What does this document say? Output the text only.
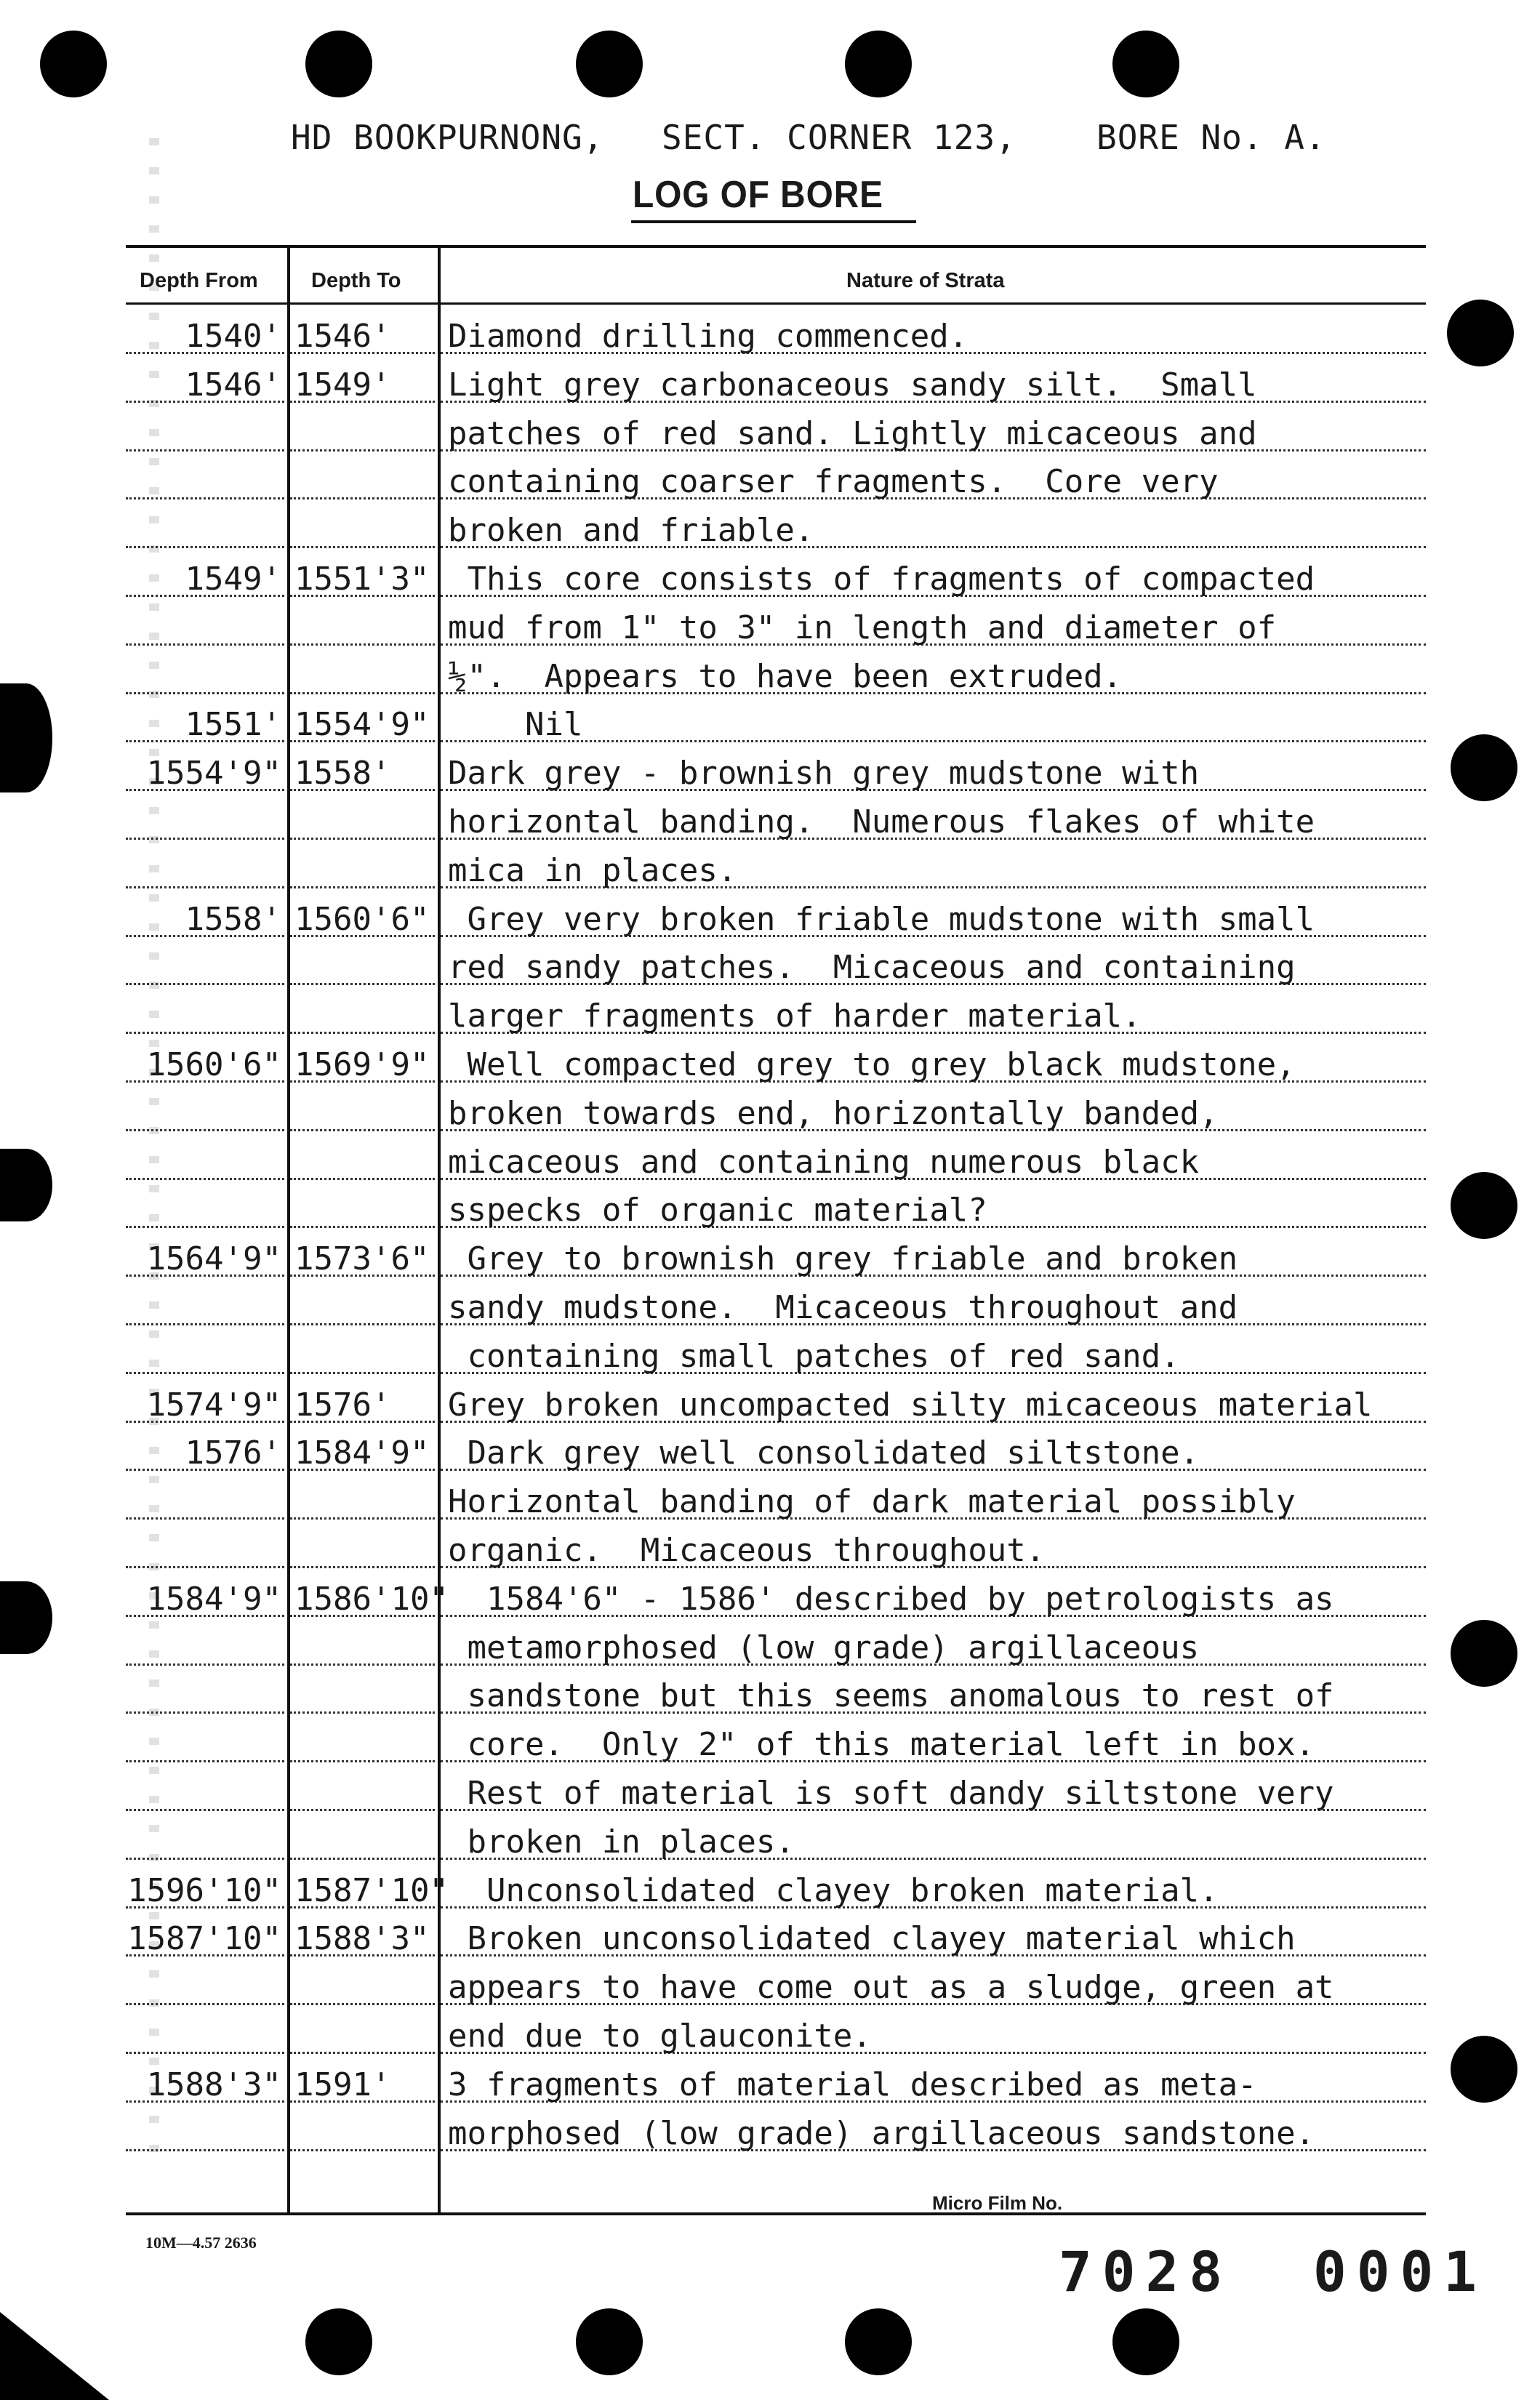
HD BOOKPURNONG, SECT. CORNER 123, BORE No. A.
LOG OF BORE
Depth From	Depth To	Nature of Strata
1540' 1546' Diamond drilling commenced.
1546' 1549' Light grey carbonaceous sandy silt.  Small
patches of red sand. Lightly micaceous and
containing coarser fragments.  Core very
broken and friable.
1549' 1551'3" This core consists of fragments of compacted
mud from 1" to 3" in length and diameter of
½".  Appears to have been extruded.
1551' 1554'9" Nil
1554'9" 1558' Dark grey - brownish grey mudstone with
horizontal banding.  Numerous flakes of white
mica in places.
1558' 1560'6" Grey very broken friable mudstone with small
red sandy patches.  Micaceous and containing
larger fragments of harder material.
1560'6" 1569'9" Well compacted grey to grey black mudstone,
broken towards end, horizontally banded,
micaceous and containing numerous black
sspecks of organic material?
1564'9" 1573'6" Grey to brownish grey friable and broken
sandy mudstone.  Micaceous throughout and
containing small patches of red sand.
1574'9" 1576' Grey broken uncompacted silty micaceous material
1576' 1584'9" Dark grey well consolidated siltstone.
Horizontal banding of dark material possibly
organic.  Micaceous throughout.
1584'9" 1586'10" 1584'6" - 1586' described by petrologists as
metamorphosed (low grade) argillaceous
sandstone but this seems anomalous to rest of
core.  Only 2" of this material left in box.
Rest of material is soft dandy siltstone very
broken in places.
1596'10" 1587'10" Unconsolidated clayey broken material.
1587'10" 1588'3" Broken unconsolidated clayey material which
appears to have come out as a sludge, green at
end due to glauconite.
1588'3" 1591' 3 fragments of material described as meta-
morphosed (low grade) argillaceous sandstone.
Micro Film No.
10M—4.57 2636	7028 0001
